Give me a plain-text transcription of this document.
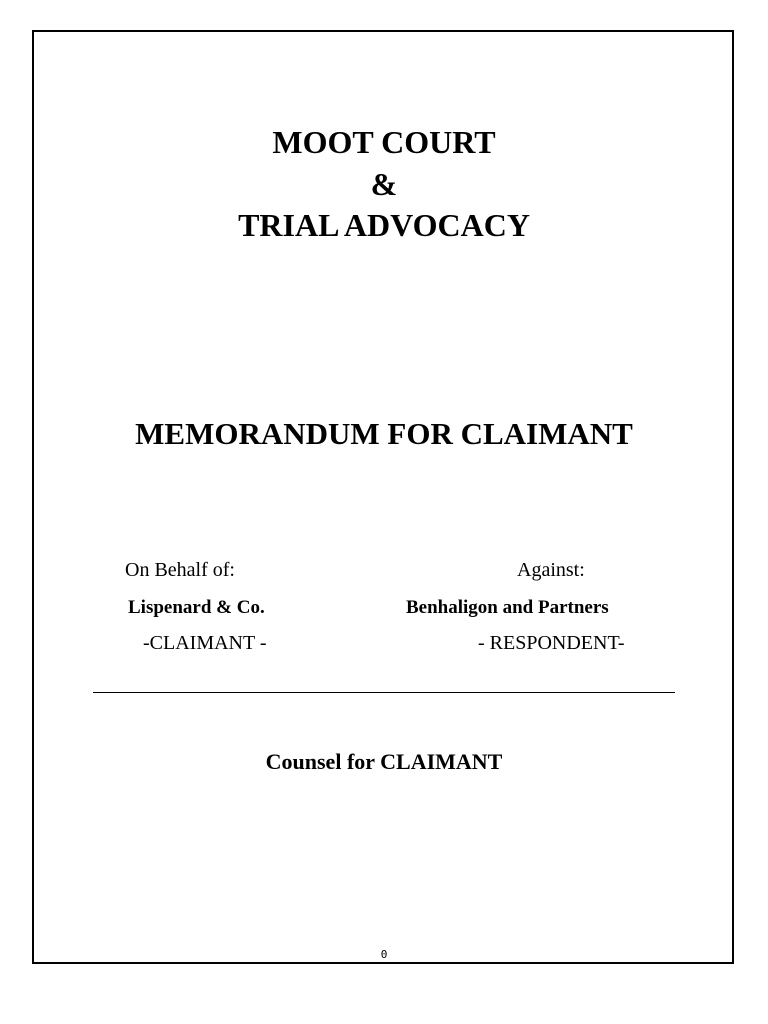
MOOT COURT
&
TRIAL ADVOCACY
MEMORANDUM FOR CLAIMANT
On Behalf of:	Against:
Lispenard & Co.	Benhaligon and Partners
-CLAIMANT -	- RESPONDENT-
Counsel for CLAIMANT
0
